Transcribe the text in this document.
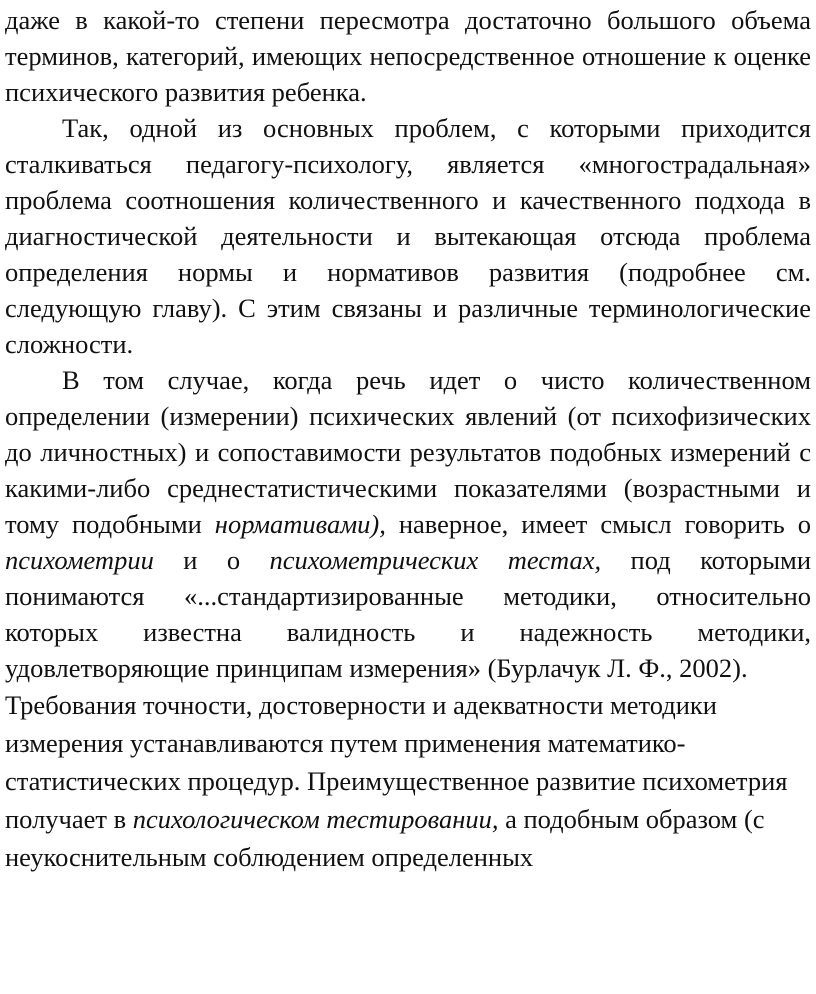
даже в какой-то степени пересмотра достаточно большого объема терминов, категорий, имеющих непосредственное отношение к оценке психического развития ребенка.

Так, одной из основных проблем, с которыми приходится сталкиваться педагогу-психологу, является «многострадальная» проблема соотношения количественного и качественного подхода в диагностической деятельности и вытекающая отсюда проблема определения нормы и нормативов развития (подробнее см. следующую главу). С этим связаны и различные терминологические сложности.

В том случае, когда речь идет о чисто количественном определении (измерении) психических явлений (от психофизических до личностных) и сопоставимости результатов подобных измерений с какими-либо среднестатистическими показателями (возрастными и тому подобными нормативами), наверное, имеет смысл говорить о психометрии и о психометрических тестах, под которыми понимаются «...стандартизированные методики, относительно которых известна валидность и надежность методики, удовлетворяющие принципам измерения» (Бурлачук Л. Ф., 2002).

Требования точности, достоверности и адекватности методики измерения устанавливаются путем применения математико-статистических процедур. Преимущественное развитие психометрия получает в психологическом тестировании, а подобным образом (с неукоснительным соблюдением определенных
